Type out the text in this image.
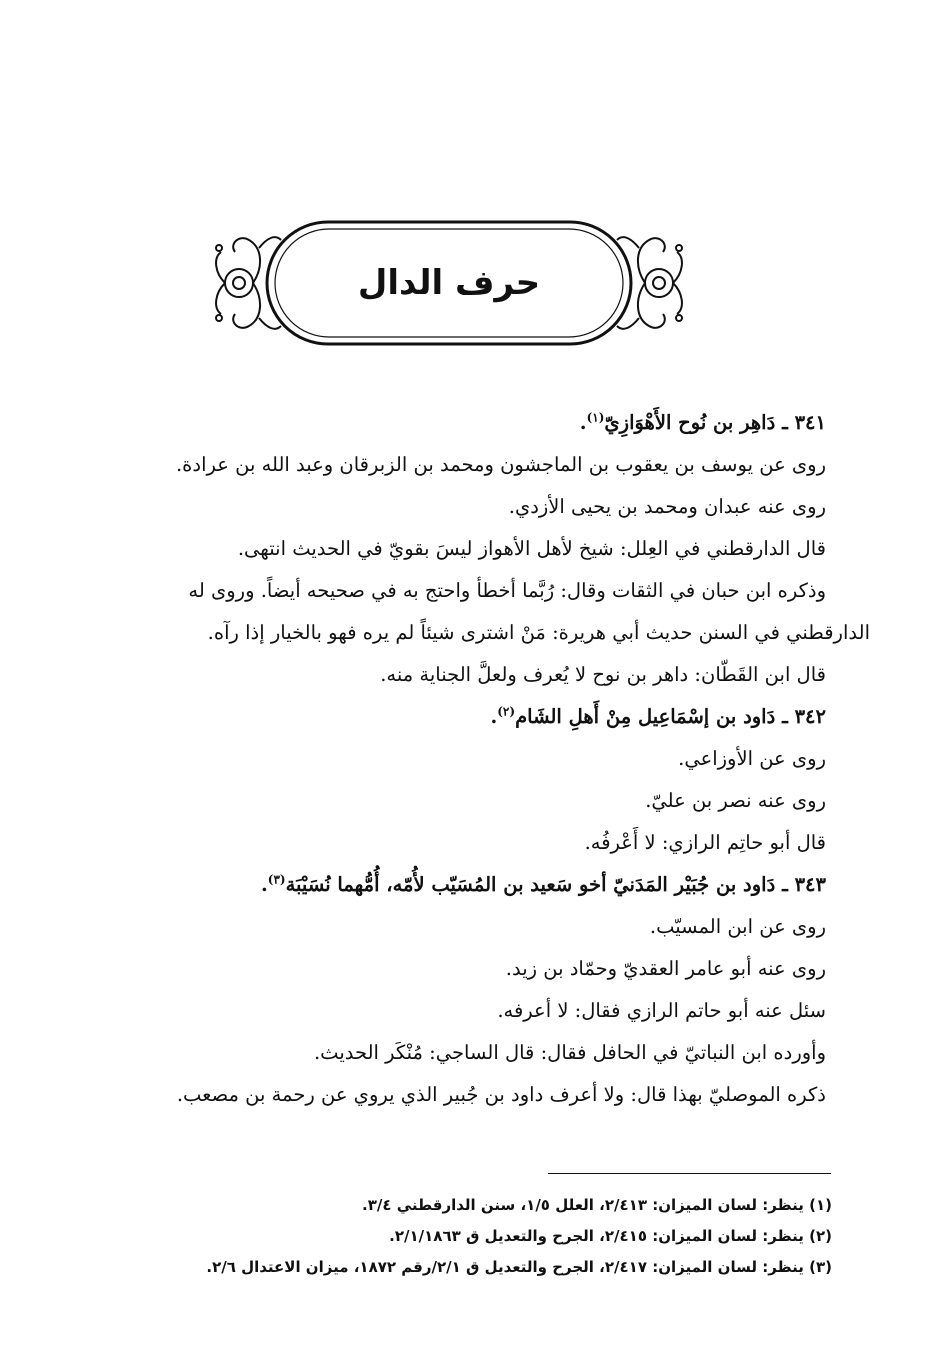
حرف الدال
٣٤١ ـ دَاهِر بن نُوح الأَهْوَازِيّ$^{(١)}$.
روى عن يوسف بن يعقوب بن الماجشون ومحمد بن الزبرقان وعبد الله بن عرادة.
روى عنه عبدان ومحمد بن يحيى الأزدي.
قال الدارقطني في العِلل: شيخ لأهل الأهواز ليسَ بقويّ في الحديث انتهى.
وذكره ابن حبان في الثقات وقال: رُبَّما أخطأ واحتج به في صحيحه أيضاً. وروى له
الدارقطني في السنن حديث أبي هريرة: مَنْ اشترى شيئاً لم يره فهو بالخيار إذا رآه.
قال ابن القَطّان: داهر بن نوح لا يُعرف ولعلَّ الجناية منه.
٣٤٢ ـ دَاود بن إسْمَاعِيل مِنْ أَهلِ الشَام$^{(٢)}$.
روى عن الأوزاعي.
روى عنه نصر بن عليّ.
قال أبو حاتِم الرازي: لا أَعْرفُه.
٣٤٣ ـ دَاود بن جُبَيْر المَدَنيّ أخو سَعيد بن المُسَيّب لأُمّه، أُمُّهما نُسَيْبَة$^{(٣)}$.
روى عن ابن المسيّب.
روى عنه أبو عامر العقديّ وحمّاد بن زيد.
سئل عنه أبو حاتم الرازي فقال: لا أعرفه.
وأورده ابن النباتيّ في الحافل فقال: قال الساجي: مُنْكَر الحديث.
ذكره الموصليّ بهذا قال: ولا أعرف داود بن جُبير الذي يروي عن رحمة بن مصعب.
(١) ينظر: لسان الميزان: ٢/٤١٣، العلل ١/٥، سنن الدارقطني ٣/٤.
(٢) ينظر: لسان الميزان: ٢/٤١٥، الجرح والتعديل ق ٢/١/١٨٦٣.
(٣) ينظر: لسان الميزان: ٢/٤١٧، الجرح والتعديل ق ٢/١/رقم ١٨٧٢، ميزان الاعتدال ٢/٦.
